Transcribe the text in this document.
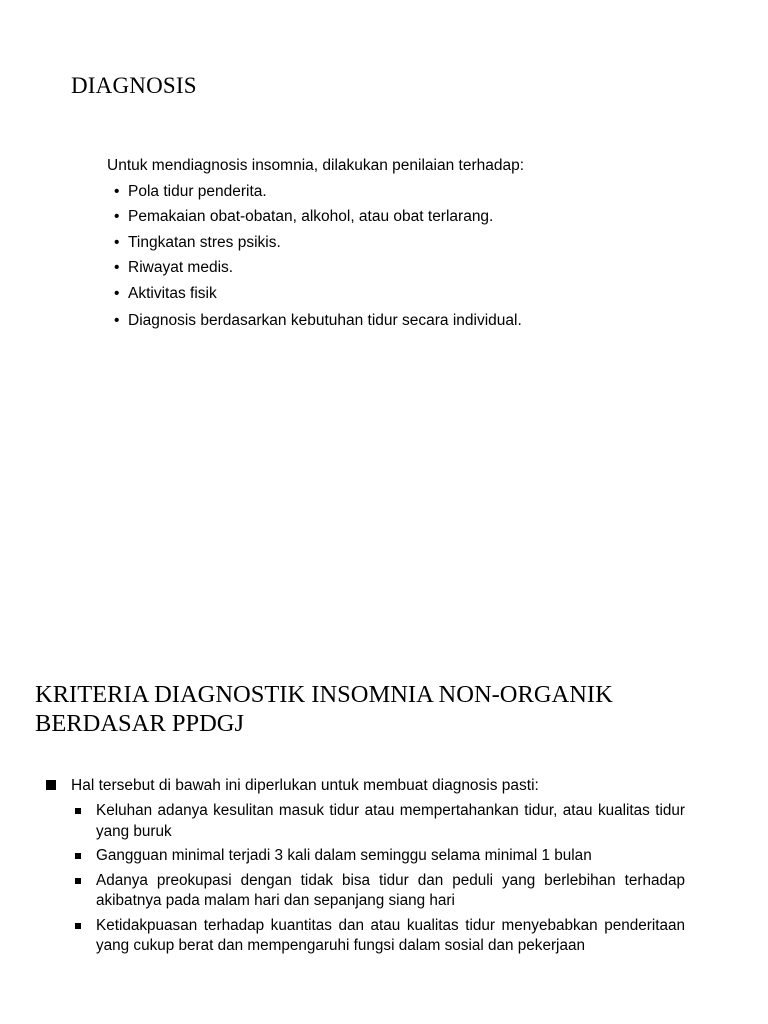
DIAGNOSIS

Untuk mendiagnosis insomnia, dilakukan penilaian terhadap:

• Pola tidur penderita.
• Pemakaian obat-obatan, alkohol, atau obat terlarang.
• Tingkatan stres psikis.
• Riwayat medis.
• Aktivitas fisik
• Diagnosis berdasarkan kebutuhan tidur secara individual.
KRITERIA DIAGNOSTIK INSOMNIA NON-ORGANIK BERDASAR PPDGJ

Hal tersebut di bawah ini diperlukan untuk membuat diagnosis pasti:

Keluhan adanya kesulitan masuk tidur atau mempertahankan tidur, atau kualitas tidur yang buruk
Gangguan minimal terjadi 3 kali dalam seminggu selama minimal 1 bulan
Adanya preokupasi dengan tidak bisa tidur dan peduli yang berlebihan terhadap akibatnya pada malam hari dan sepanjang siang hari
Ketidakpuasan terhadap kuantitas dan atau kualitas tidur menyebabkan penderitaan yang cukup berat dan mempengaruhi fungsi dalam sosial dan pekerjaan
